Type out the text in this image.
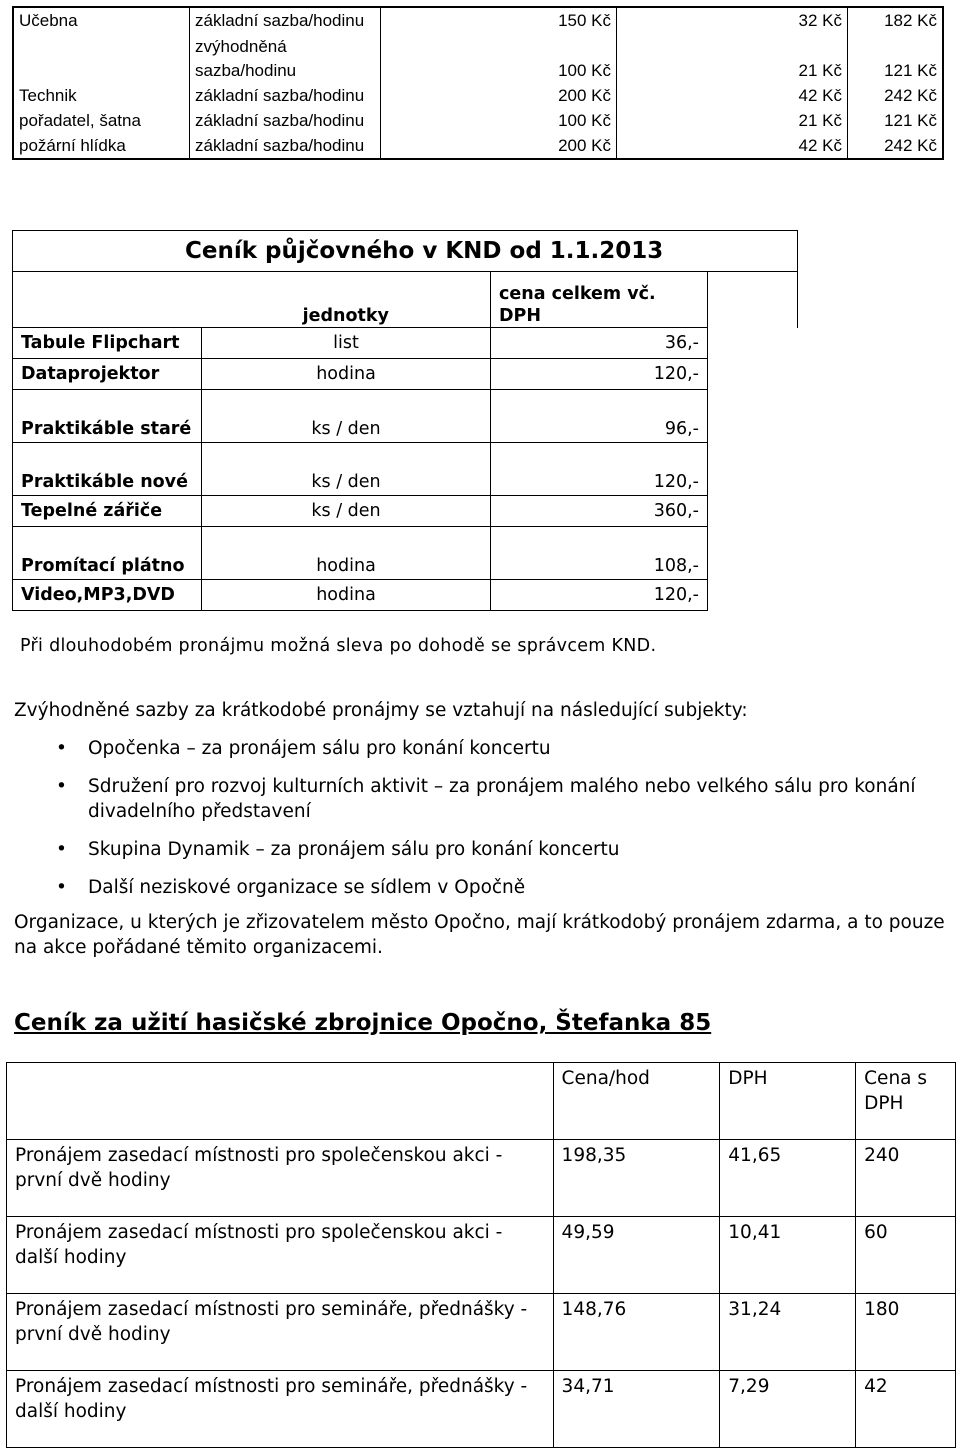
Učebna	základní sazba/hodinu	150 Kč	32 Kč	182 Kč
	zvýhodněná sazba/hodinu	100 Kč	21 Kč	121 Kč
Technik	základní sazba/hodinu	200 Kč	42 Kč	242 Kč
pořadatel, šatna	základní sazba/hodinu	100 Kč	21 Kč	121 Kč
požární hlídka	základní sazba/hodinu	200 Kč	42 Kč	242 Kč
Ceník půjčovného v KND od 1.1.2013			
	jednotky	cena celkem vč. DPH	
Tabule Flipchart	list	36,-	
Dataprojektor	hodina	120,-	
Praktikáble staré	ks / den	96,-	
Praktikáble nové	ks / den	120,-	
Tepelné zářiče	ks / den	360,-	
Promítací plátno	hodina	108,-	
Video,MP3,DVD	hodina	120,-	
Při dlouhodobém pronájmu možná sleva po dohodě se správcem KND.
Zvýhodněné sazby za krátkodobé pronájmy se vztahují na následující subjekty:
• Opočenka – za pronájem sálu pro konání koncertu
• Sdružení pro rozvoj kulturních aktivit – za pronájem malého nebo velkého sálu pro konání divadelního představení
• Skupina Dynamik – za pronájem sálu pro konání koncertu
• Další neziskové organizace se sídlem v Opočně
Organizace, u kterých je zřizovatelem město Opočno, mají krátkodobý pronájem zdarma, a to pouze na akce pořádané těmito organizacemi.
Ceník za užití hasičské zbrojnice Opočno, Štefanka 85
	Cena/hod	DPH	Cena s DPH
Pronájem zasedací místnosti pro společenskou akci - první dvě hodiny	198,35	41,65	240
Pronájem zasedací místnosti pro společenskou akci - další hodiny	49,59	10,41	60
Pronájem zasedací místnosti pro semináře, přednášky - první dvě hodiny	148,76	31,24	180
Pronájem zasedací místnosti pro semináře, přednášky - další hodiny	34,71	7,29	42
